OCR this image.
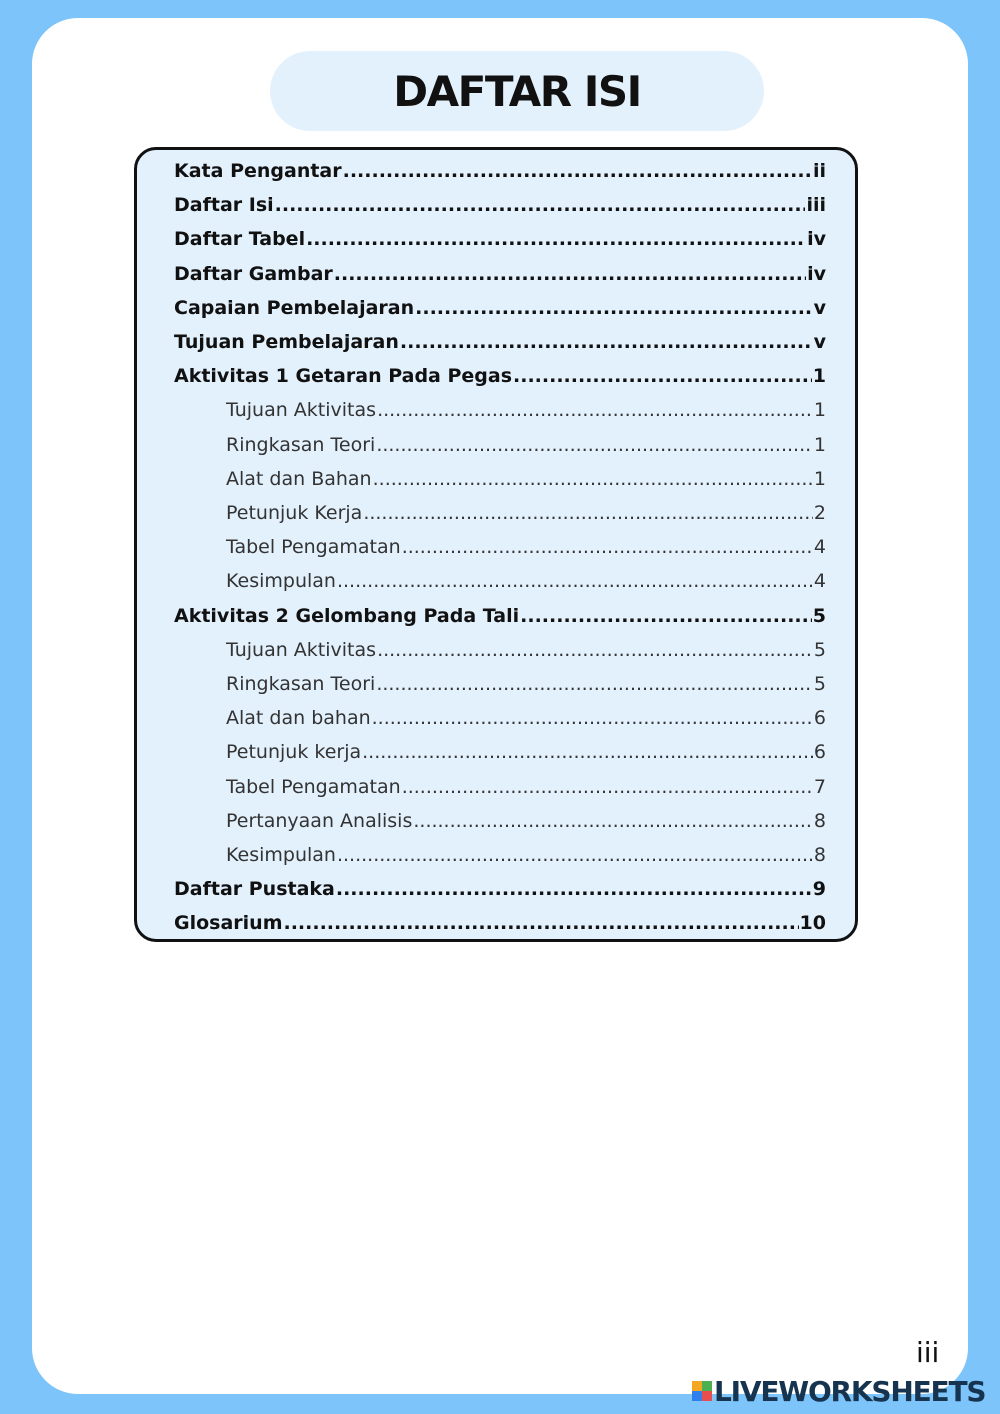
DAFTAR ISI
Kata Pengantar .....	ii
Daftar Isi .....	iii
Daftar Tabel .....	iv
Daftar Gambar .....	iv
Capaian Pembelajaran .....	v
Tujuan Pembelajaran .....	v
Aktivitas 1 Getaran Pada Pegas .....	1
Tujuan Aktivitas .....	1
Ringkasan Teori .....	1
Alat dan Bahan .....	1
Petunjuk Kerja .....	2
Tabel Pengamatan .....	4
Kesimpulan .....	4
Aktivitas 2 Gelombang Pada Tali .....	5
Tujuan Aktivitas .....	5
Ringkasan Teori .....	5
Alat dan bahan .....	6
Petunjuk kerja .....	6
Tabel Pengamatan .....	7
Pertanyaan Analisis .....	8
Kesimpulan .....	8
Daftar Pustaka .....	9
Glosarium .....	10
iii
LIVEWORKSHEETS
